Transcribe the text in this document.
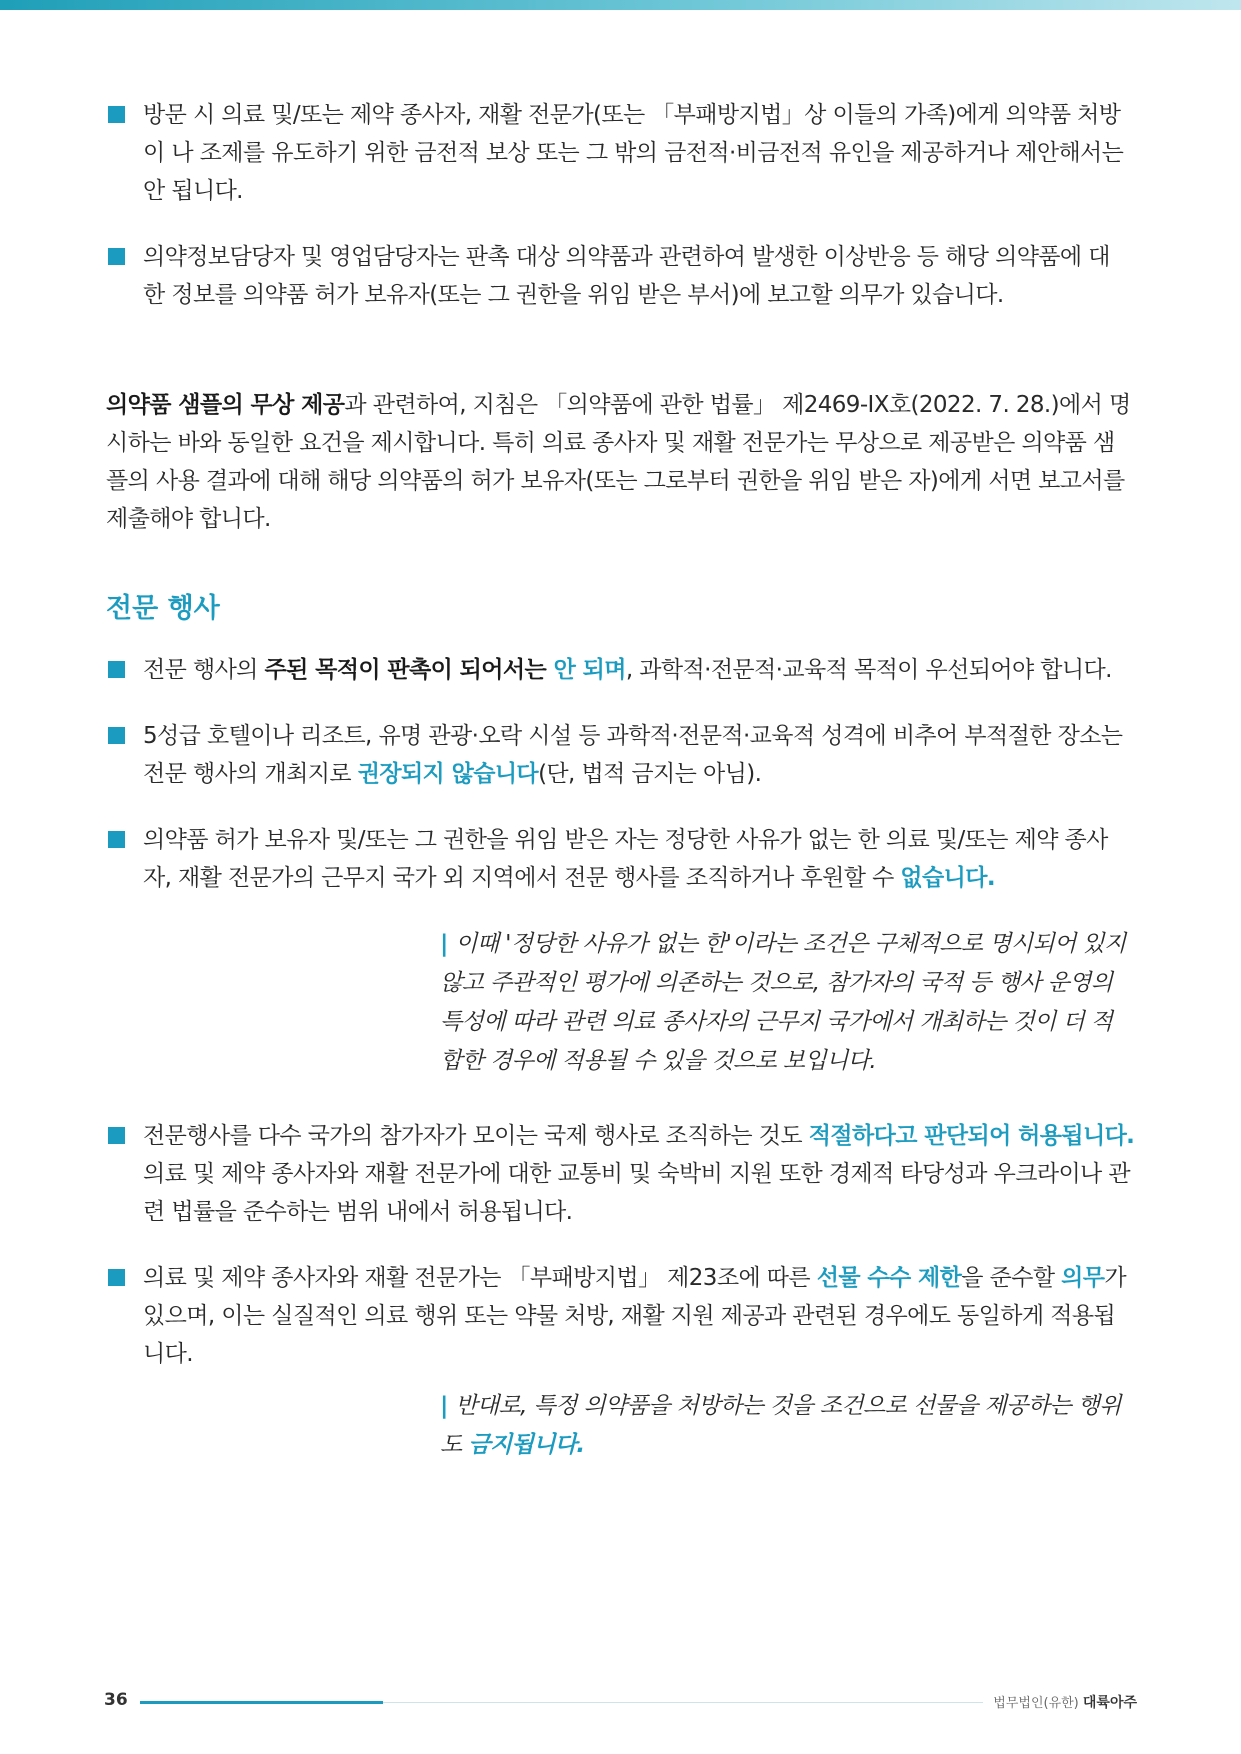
방문 시 의료 및/또는 제약 종사자, 재활 전문가(또는 「부패방지법」상 이들의 가족)에게 의약품 처방이 나 조제를 유도하기 위한 금전적 보상 또는 그 밖의 금전적·비금전적 유인을 제공하거나 제안해서는 안 됩니다.
의약정보담당자 및 영업담당자는 판촉 대상 의약품과 관련하여 발생한 이상반응 등 해당 의약품에 대 한 정보를 의약품 허가 보유자(또는 그 권한을 위임 받은 부서)에 보고할 의무가 있습니다.

의약품 샘플의 무상 제공과 관련하여, 지침은 「의약품에 관한 법률」 제2469-IX호(2022. 7. 28.)에서 명시하는 바와 동일한 요건을 제시합니다. 특히 의료 종사자 및 재활 전문가는 무상으로 제공받은 의약품 샘플의 사용 결과에 대해 해당 의약품의 허가 보유자(또는 그로부터 권한을 위임 받은 자)에게 서면 보고서를 제출해야 합니다.

전문 행사
전문 행사의 주된 목적이 판촉이 되어서는 안 되며, 과학적·전문적·교육적 목적이 우선되어야 합니다.
5성급 호텔이나 리조트, 유명 관광·오락 시설 등 과학적·전문적·교육적 성격에 비추어 부적절한 장소는 전문 행사의 개최지로 권장되지 않습니다(단, 법적 금지는 아님).
의약품 허가 보유자 및/또는 그 권한을 위임 받은 자는 정당한 사유가 없는 한 의료 및/또는 제약 종사자, 재활 전문가의 근무지 국가 외 지역에서 전문 행사를 조직하거나 후원할 수 없습니다.
| 이때 '정당한 사유가 없는 한'이라는 조건은 구체적으로 명시되어 있지 않고 주관적인 평가에 의존하는 것으로, 참가자의 국적 등 행사 운영의 특성에 따라 관련 의료 종사자의 근무지 국가에서 개최하는 것이 더 적합한 경우에 적용될 수 있을 것으로 보입니다.
전문행사를 다수 국가의 참가자가 모이는 국제 행사로 조직하는 것도 적절하다고 판단되어 허용됩니다. 의료 및 제약 종사자와 재활 전문가에 대한 교통비 및 숙박비 지원 또한 경제적 타당성과 우크라이나 관련 법률을 준수하는 범위 내에서 허용됩니다.
의료 및 제약 종사자와 재활 전문가는 「부패방지법」 제23조에 따른 선물 수수 제한을 준수할 의무가 있으며, 이는 실질적인 의료 행위 또는 약물 처방, 재활 지원 제공과 관련된 경우에도 동일하게 적용됩니다.
| 반대로, 특정 의약품을 처방하는 것을 조건으로 선물을 제공하는 행위도 금지됩니다.
36	법무법인(유한) 대륙아주
